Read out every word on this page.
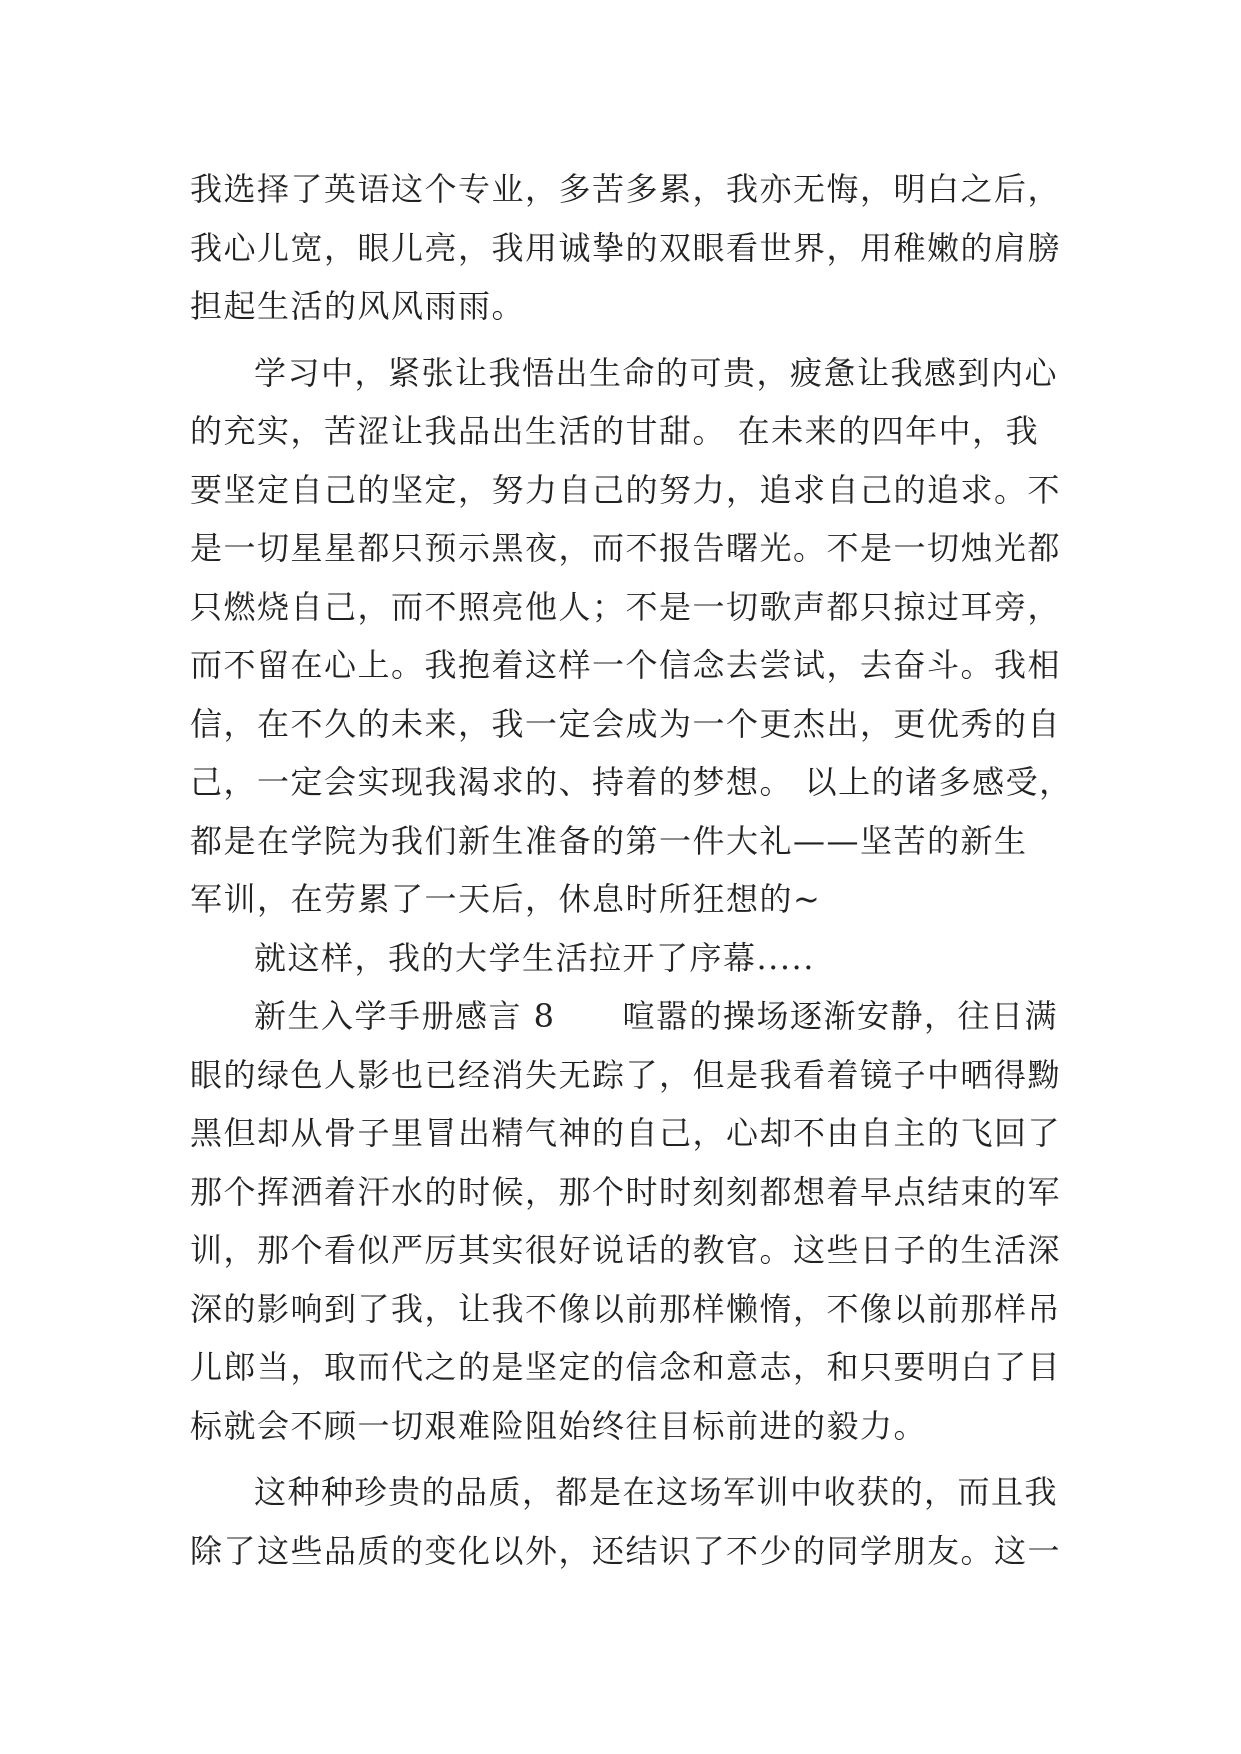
我选择了英语这个专业，多苦多累，我亦无悔，明白之后，
我心儿宽，眼儿亮，我用诚挚的双眼看世界，用稚嫩的肩膀
担起生活的风风雨雨。
学习中，紧张让我悟出生命的可贵，疲惫让我感到内心
的充实，苦涩让我品出生活的甘甜。 在未来的四年中，我
要坚定自己的坚定，努力自己的努力，追求自己的追求。不
是一切星星都只预示黑夜，而不报告曙光。不是一切烛光都
只燃烧自己，而不照亮他人；不是一切歌声都只掠过耳旁，
而不留在心上。我抱着这样一个信念去尝试，去奋斗。我相
信，在不久的未来，我一定会成为一个更杰出，更优秀的自
己，一定会实现我渴求的、持着的梦想。 以上的诸多感受，
都是在学院为我们新生准备的第一件大礼——坚苦的新生
军训，在劳累了一天后，休息时所狂想的~
就这样，我的大学生活拉开了序幕.....
新生入学手册感言 8　　喧嚣的操场逐渐安静，往日满
眼的绿色人影也已经消失无踪了，但是我看着镜子中晒得黝
黑但却从骨子里冒出精气神的自己，心却不由自主的飞回了
那个挥洒着汗水的时候，那个时时刻刻都想着早点结束的军
训，那个看似严厉其实很好说话的教官。这些日子的生活深
深的影响到了我，让我不像以前那样懒惰，不像以前那样吊
儿郎当，取而代之的是坚定的信念和意志，和只要明白了目
标就会不顾一切艰难险阻始终往目标前进的毅力。
这种种珍贵的品质，都是在这场军训中收获的，而且我
除了这些品质的变化以外，还结识了不少的同学朋友。这一
